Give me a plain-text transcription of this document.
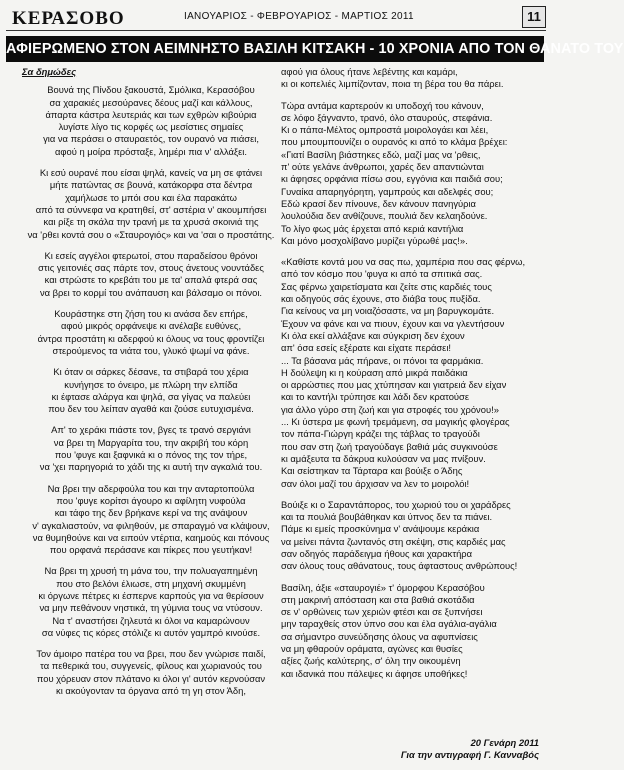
ΚΕΡΑΣΟΒΟ	ΙΑΝΟΥΑΡΙΟΣ - ΦΕΒΡΟΥΑΡΙΟΣ - ΜΑΡΤΙΟΣ 2011	11
ΑΦΙΕΡΩΜΕΝΟ ΣΤΟΝ ΑΕΙΜΝΗΣΤΟ ΒΑΣΙΛΗ ΚΙΤΣΑΚΗ - 10 ΧΡΟΝΙΑ ΑΠΟ ΤΟΝ ΘΑΝΑΤΟ ΤΟΥ
Σα δημώδες

Βουνά της Πίνδου ξακουστά, Σμόλικα, Κερασόβου
σα χαρακιές μεσούρανες δέους μαζί και κάλλους,
άπαρτα κάστρα λευτεριάς και των εχθρών κιβούρια
λυγίστε λίγο τις κορφές ως μεσίστιες σημαίες
για να περάσει ο σταυραετός, τον ουρανό να πιάσει,
αφού η μοίρα πρόσταξε, λημέρι πια ν' αλλάξει.

Κι εσύ ουρανέ που είσαι ψηλά, κανείς να μη σε φτάνει
μήτε πατώντας σε βουνά, κατάκορφα στα δέντρα
χαμήλωσε το μπόι σου και έλα παρακάτω
από τα σύννεφα να κρατηθεί, στ' αστέρια ν' ακουμπήσει
και ρίξε τη σκάλα την τρανή με τα χρυσά σκοινιά της
να 'ρθει κοντά σου ο «Σταυρογιός» και να 'σαι ο προστάτης.

Κι εσείς αγγέλοι φτερωτοί, στου παραδείσου θρόνοι
στις γειτονιές σας πάρτε τον, στους άνετους νουντάδες
και στρώστε το κρεβάτι του με τα' απαλά φτερά σας
να βρει το κορμί του ανάπαυση και βάλσαμο οι πόνοι.

Κουράστηκε στη ζήση του κι ανάσα δεν επήρε,
αφού μικρός ορφάνεψε κι ανέλαβε ευθύνες,
άντρα προστάτη κι αδερφού κι όλους να τους φροντίζει
στερούμενος τα νιάτα του, γλυκό ψωμί να φάνε.

Κι όταν οι σάρκες δέσανε, τα στιβαρά του χέρια
κυνήγησε το όνειρο, με πλώρη την ελπίδα
κι έφτασε αλάργα και ψηλά, σα γίγας να παλεύει
που δεν του λείπαν αγαθά και ζούσε ευτυχισμένα.

Απ' το χεράκι πιάστε τον, βγες τε τρανό σεργιάνι
να βρει τη Μαργαρίτα του, την ακριβή του κόρη
που 'φυγε και ξαφνικά κι ο πόνος της τον τήρε,
να 'χει παρηγοριά το χάδι της κι αυτή την αγκαλιά του.

Να βρει την αδερφούλα του και την ανταρτοπούλα
που 'φυγε κορίτσι άγουρο κι αφίλητη νυφούλα
και τάφο της δεν βρήκανε κερί να της ανάψουν
ν' αγκαλιαστούν, να φιληθούν, με σπαραγμό να κλάψουν,
να θυμηθούνε και να ειπούν ντέρτια, καημούς και πόνους
που ορφανά περάσανε και πίκρες που γευτήκαν!

Να βρει τη χρυσή τη μάνα του, την πολυαγαπημένη
που στο βελόνι έλιωσε, στη μηχανή σκυμμένη
κι όργωνε πέτρες κι έσπερνε καρπούς για να θερίσουν
να μην πεθάνουν νηστικά, τη γύμνια τους να ντύσουν.
Να τ' αναστήσει ζηλευτά κι όλοι να καμαρώνουν
σα νύφες τις κόρες στόλιζε κι αυτόν γαμπρό κινούσε.

Τον άμοιρο πατέρα του να βρει, που δεν γνώρισε παιδί,
τα πεθερικά του, συγγενείς, φίλους και χωριανούς του
που χόρευαν στον πλάτανο κι όλοι γι' αυτόν κερνούσαν
κι ακούγονταν τα όργανα από τη γη στον Άδη,

αφού για όλους ήτανε λεβέντης και καμάρι,
κι οι κοπελιές λιμπίζονταν, ποια τη βέρα του θα πάρει.

Τώρα αντάμα καρτερούν κι υποδοχή του κάνουν,
σε λόφο ξάγναντο, τρανό, όλο σταυρούς, στεφάνια.
Κι ο πάπα-Μέλτος ομπροστά μοιρολογάει και λέει,
που μπουμπουνίζει ο ουρανός κι από το κλάμα βρέχει:
«Γιατί Βασίλη βιάστηκες εδώ, μαζί μας να 'ρθεις,
π' ούτε γελάνε άνθρωποι, χαρές δεν απαντιώνται
κι άφησες ορφάνια πίσω σου, εγγόνια και παιδιά σου;
Γυναίκα απαρηγόρητη, γαμπρούς και αδελφές σου;
Εδώ κρασί δεν πίνουνε, δεν κάνουν πανηγύρια
λουλούδια δεν ανθίζουνε, πουλιά δεν κελαηδούνε.
Το λίγο φως μάς έρχεται από κεριά καντήλια
Και μόνο μοσχολίβανο μυρίζει γύρωθέ μας!».

«Καθίστε κοντά μου να σας πω, χαμπέρια που σας φέρνω,
από τον κόσμο που 'φυγα κι από τα σπιτικά σας.
Σας φέρνω χαιρετίσματα και ζείτε στις καρδιές τους
και οδηγούς σάς έχουνε, στο διάβα τους πυξίδα.
Για κείνους να μη νοιαζόσαστε, να μη βαρυγκομάτε.
Έχουν να φάνε και να πιουν, έχουν και να γλεντήσουν
Κι όλα εκεί αλλάξανε και σύγκριση δεν έχουν
απ' όσα εσείς εξέρατε και είχατε περάσει!
... Τα βάσανα μάς πήρανε, οι πόνοι τα φαρμάκια.
Η δούλεψη κι η κούραση από μικρά παιδάκια
οι αρρώστιες που μας χτύπησαν και γιατρειά δεν είχαν
και το καντήλι τρύπησε και λάδι δεν κρατούσε
για άλλο γύρο στη ζωή και για στροφές του χρόνου!»
... Κι ύστερα με φωνή τρεμάμενη, σα μαγικής φλογέρας
τον πάπα-Γιώργη κράζει της τάβλας το τραγούδι
που σαν στη ζωή τραγούδαγε βαθιά μάς συγκινούσε
κι αμάξευτα τα δάκρυα κυλούσαν να μας πνίξουν.
Και σείστηκαν τα Τάρταρα και βούιξε ο Άδης
σαν όλοι μαζί του άρχισαν να λεν το μοιρολόι!

Βούιξε κι ο Σαραντάπορος, του χωριού του οι χαράδρες
και τα πουλιά βουβάθηκαν και ύπνος δεν τα πιάνει.
Πάμε κι εμείς προσκύνημα ν' ανάψουμε κεράκια
να μείνει πάντα ζωντανός στη σκέψη, στις καρδιές μας
σαν οδηγός παράδειγμα ήθους και χαρακτήρα
σαν όλους τους αθάνατους, τους άφταστους ανθρώπους!

Βασίλη, άξιε «σταυρογιέ» τ' όμορφου Κερασόβου
στη μακρινή απόσταση και στα βαθιά σκοτάδια
σε ν' ορθώνεις των χεριών φτέσι και σε ξυπνήσει
μην ταραχθείς στον ύπνο σου και έλα αγάλια-αγάλια
σα σήμαντρο συνεύδησης όλους να αφυπνίσεις
να μη φθαρούν οράματα, αγώνες και θυσίες
αξίες ζωής καλύτερης, σ' όλη την οικουμένη
και ιδανικά που πάλεψες κι άφησε υποθήκες!

20 Γενάρη 2011
Για την αντιγραφή Γ. Κανναβός
